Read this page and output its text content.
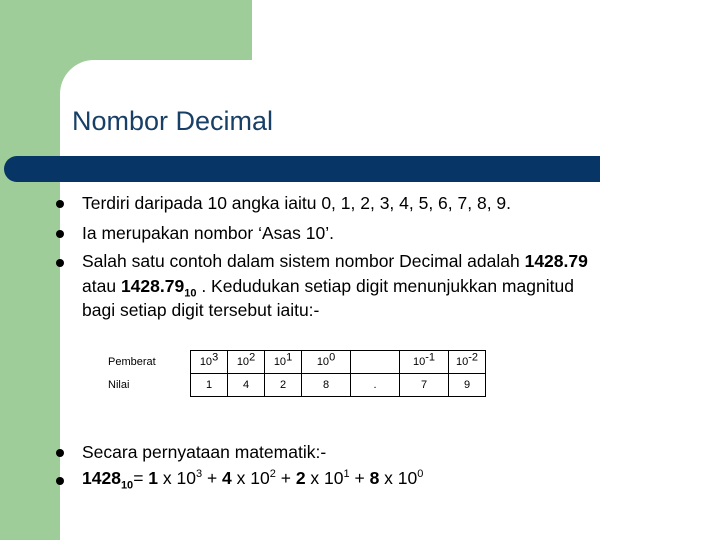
Nombor Decimal
Terdiri daripada 10 angka iaitu 0, 1, 2, 3, 4, 5, 6, 7, 8, 9.
Ia merupakan nombor ‘Asas 10’.
Salah satu contoh dalam sistem nombor Decimal adalah 1428.79
atau $1428.79_{10}$ . Kedudukan setiap digit menunjukkan magnitud
bagi setiap digit tersebut iaitu:-
Pemberat	$10^3$	$10^2$	$10^1$	$10^0$		$10^{-1}$	$10^{-2}$
Nilai	1	4	2	8	.	7	9
Secara pernyataan matematik:-
$1428_{10}= 1$ x $10^3 + 4$ x $10^2 + 2$ x $10^1 + 8$ x $10^0$
